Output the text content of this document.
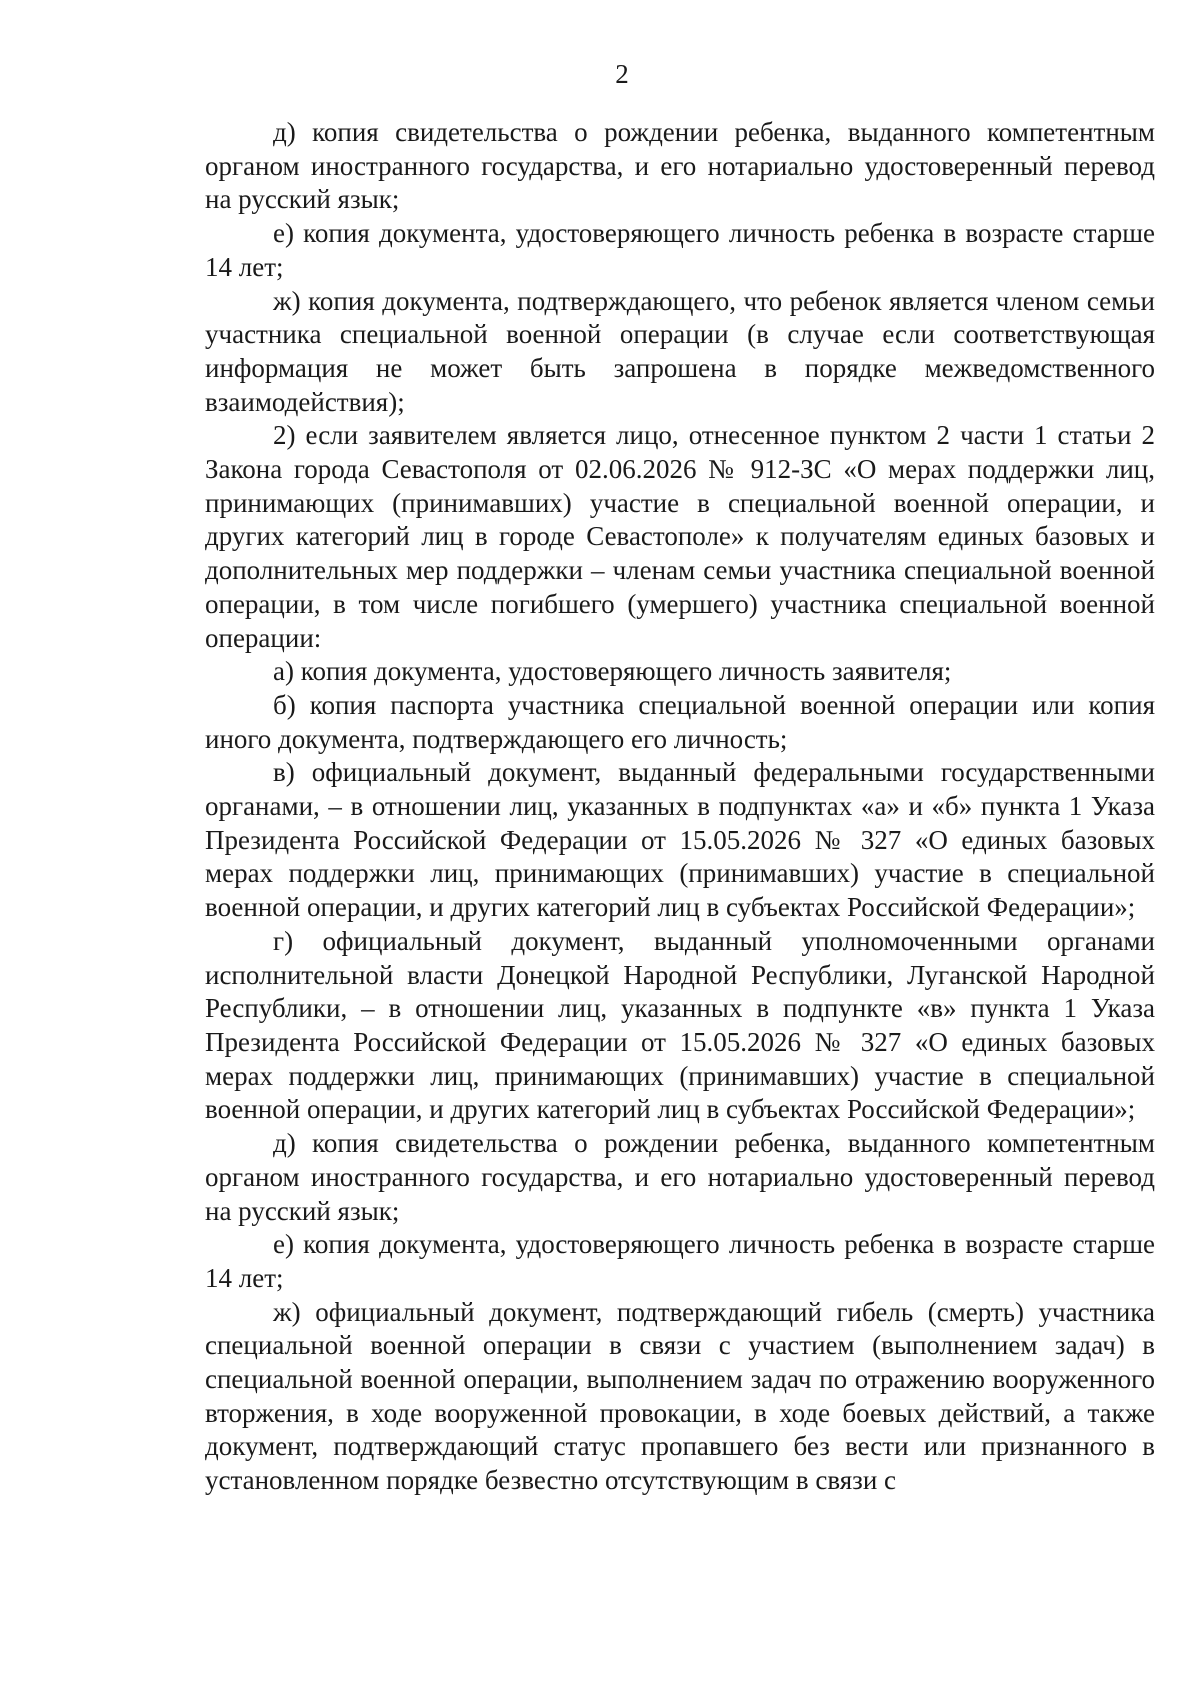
2

д) копия свидетельства о рождении ребенка, выданного компетентным органом иностранного государства, и его нотариально удостоверенный перевод на русский язык;

е) копия документа, удостоверяющего личность ребенка в возрасте старше 14 лет;

ж) копия документа, подтверждающего, что ребенок является членом семьи участника специальной военной операции (в случае если соответствующая информация не может быть запрошена в порядке межведомственного взаимодействия);

2) если заявителем является лицо, отнесенное пунктом 2 части 1 статьи 2 Закона города Севастополя от 02.06.2026 № 912-ЗС «О мерах поддержки лиц, принимающих (принимавших) участие в специальной военной операции, и других категорий лиц в городе Севастополе» к получателям единых базовых и дополнительных мер поддержки – членам семьи участника специальной военной операции, в том числе погибшего (умершего) участника специальной военной операции:

а) копия документа, удостоверяющего личность заявителя;

б) копия паспорта участника специальной военной операции или копия иного документа, подтверждающего его личность;

в) официальный документ, выданный федеральными государственными органами, – в отношении лиц, указанных в подпунктах «а» и «б» пункта 1 Указа Президента Российской Федерации от 15.05.2026 № 327 «О единых базовых мерах поддержки лиц, принимающих (принимавших) участие в специальной военной операции, и других категорий лиц в субъектах Российской Федерации»;

г) официальный документ, выданный уполномоченными органами исполнительной власти Донецкой Народной Республики, Луганской Народной Республики, – в отношении лиц, указанных в подпункте «в» пункта 1 Указа Президента Российской Федерации от 15.05.2026 № 327 «О единых базовых мерах поддержки лиц, принимающих (принимавших) участие в специальной военной операции, и других категорий лиц в субъектах Российской Федерации»;

д) копия свидетельства о рождении ребенка, выданного компетентным органом иностранного государства, и его нотариально удостоверенный перевод на русский язык;

е) копия документа, удостоверяющего личность ребенка в возрасте старше 14 лет;

ж) официальный документ, подтверждающий гибель (смерть) участника специальной военной операции в связи с участием (выполнением задач) в специальной военной операции, выполнением задач по отражению вооруженного вторжения, в ходе вооруженной провокации, в ходе боевых действий, а также документ, подтверждающий статус пропавшего без вести или признанного в установленном порядке безвестно отсутствующим в связи с
